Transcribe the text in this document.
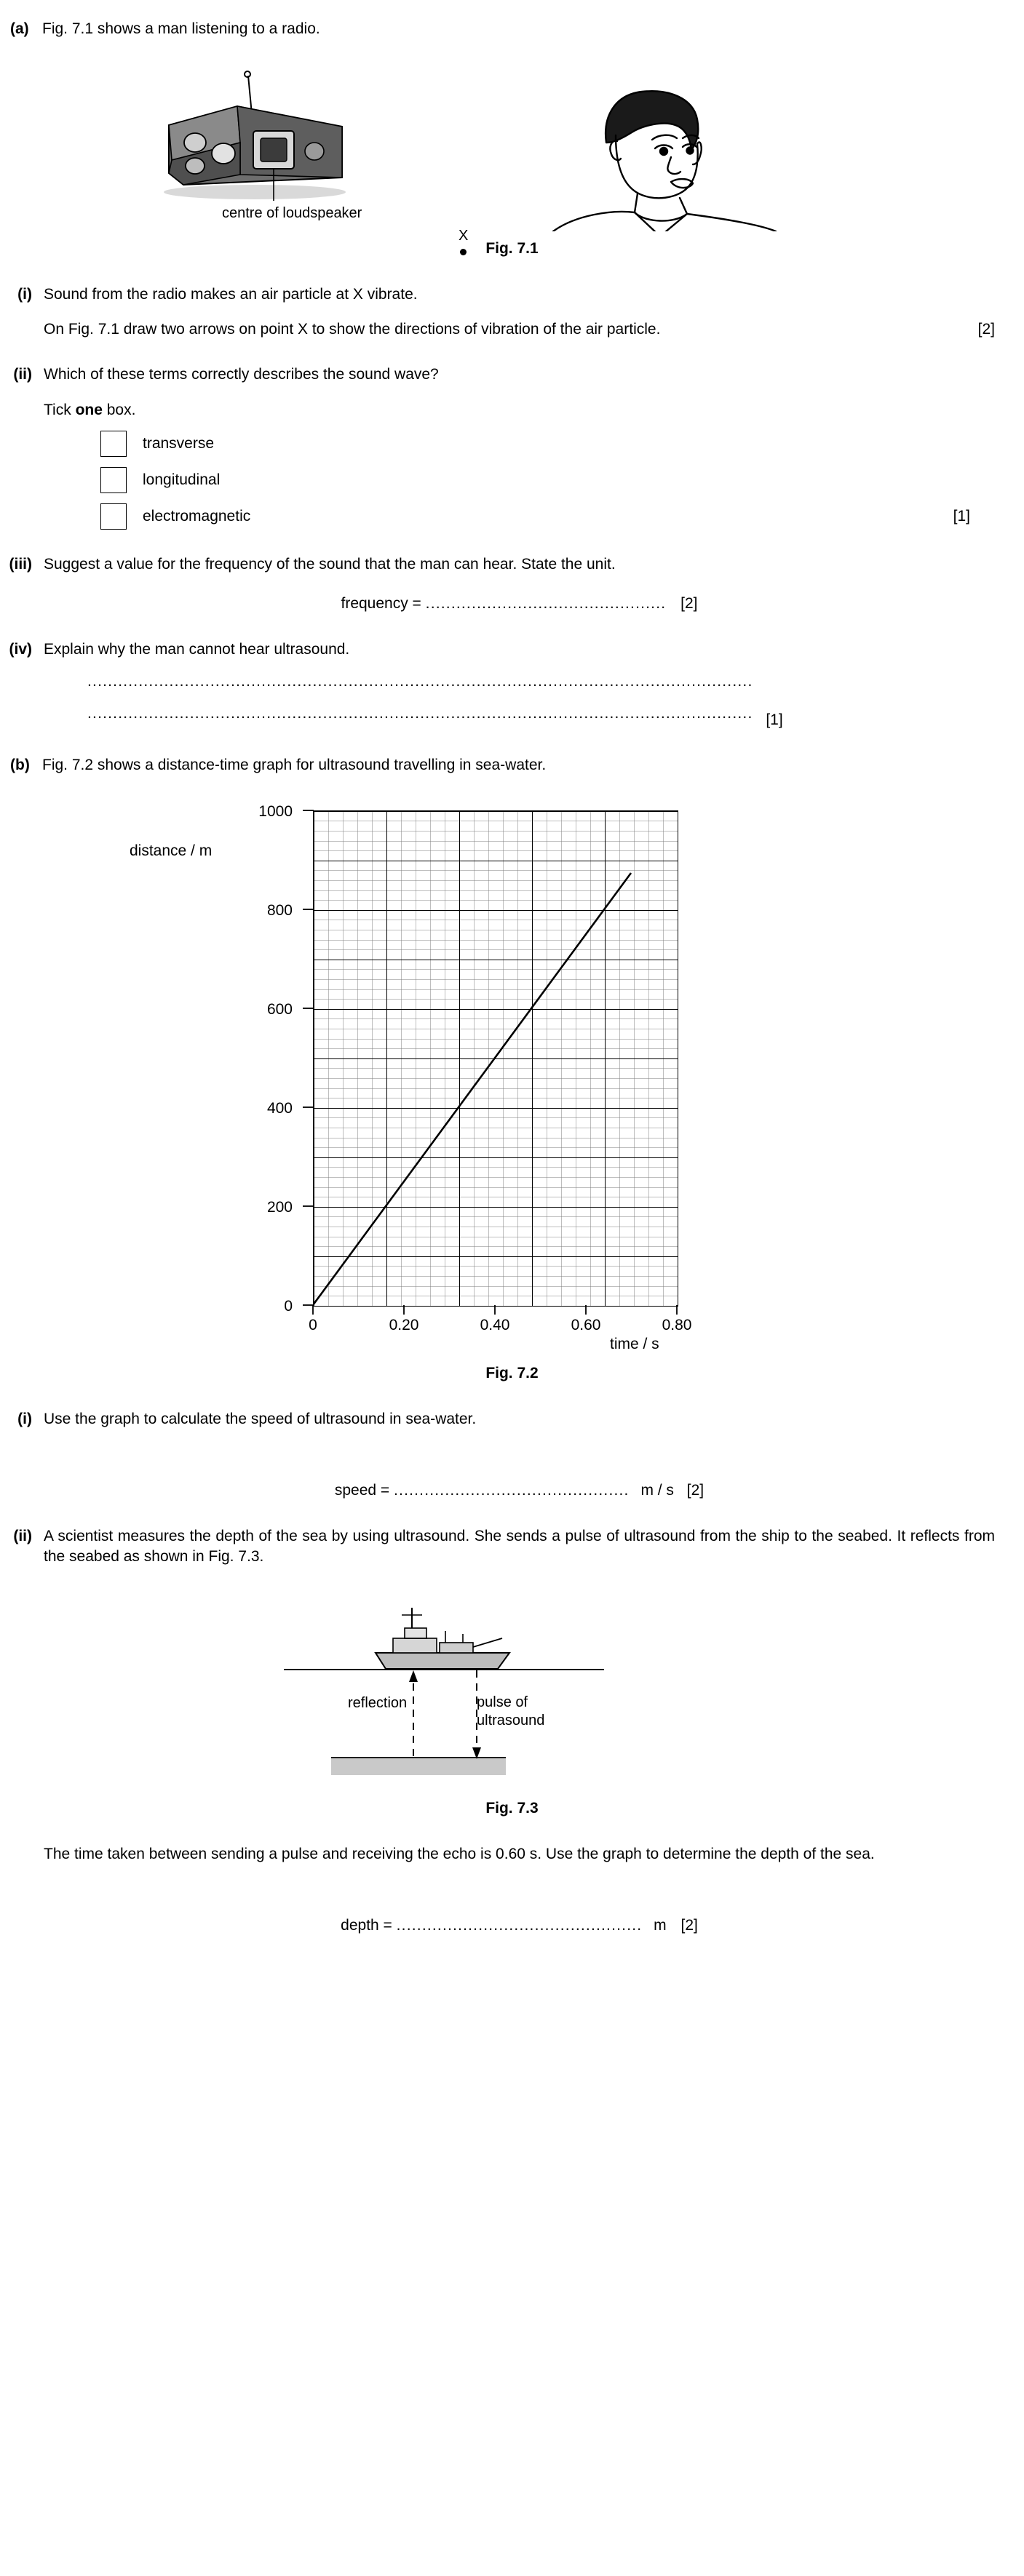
(a) Fig. 7.1 shows a man listening to a radio.
centre of loudspeaker
X
Fig. 7.1
(i) Sound from the radio makes an air particle at X vibrate.
[2]
On Fig. 7.1 draw two arrows on point X to show the directions of vibration of the air particle.
(ii) Which of these terms correctly describes the sound wave?
Tick one box.
transverse
longitudinal
electromagnetic	[1]
(iii) Suggest a value for the frequency of the sound that the man can hear. State the unit.
frequency = ............................................... [2]
(iv) Explain why the man cannot hear ultrasound.
..................................................................................................................................
.................................................................................................................................. [1]
(b) Fig. 7.2 shows a distance-time graph for ultrasound travelling in sea-water.
distance / m
time / s
1000
800
600
400
200
0
0	0.20	0.40	0.60	0.80
Fig. 7.2
(i) Use the graph to calculate the speed of ultrasound in sea-water.
speed = .............................................. m / s [2]
(ii) A scientist measures the depth of the sea by using ultrasound. She sends a pulse of ultrasound from the ship to the seabed. It reflects from the seabed as shown in Fig. 7.3.
reflection	pulse of
ultrasound
Fig. 7.3
The time taken between sending a pulse and receiving the echo is 0.60 s. Use the graph to determine the depth of the sea.
depth = ................................................ m [2]
